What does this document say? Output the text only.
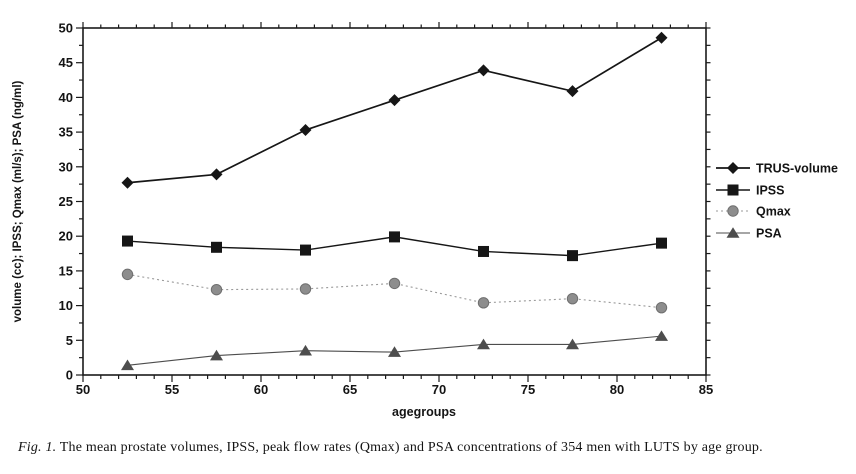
50	55	60	65	70	75	80	85
0
5
10
15
20
25
30
35
40
45
50
volume (cc); IPSS; Qmax (ml/s); PSA (ng/ml)
agegroups
TRUS-volume
IPSS
Qmax
PSA
Fig. 1. The mean prostate volumes, IPSS, peak flow rates (Qmax) and PSA concentrations of 354 men with LUTS by age group.
